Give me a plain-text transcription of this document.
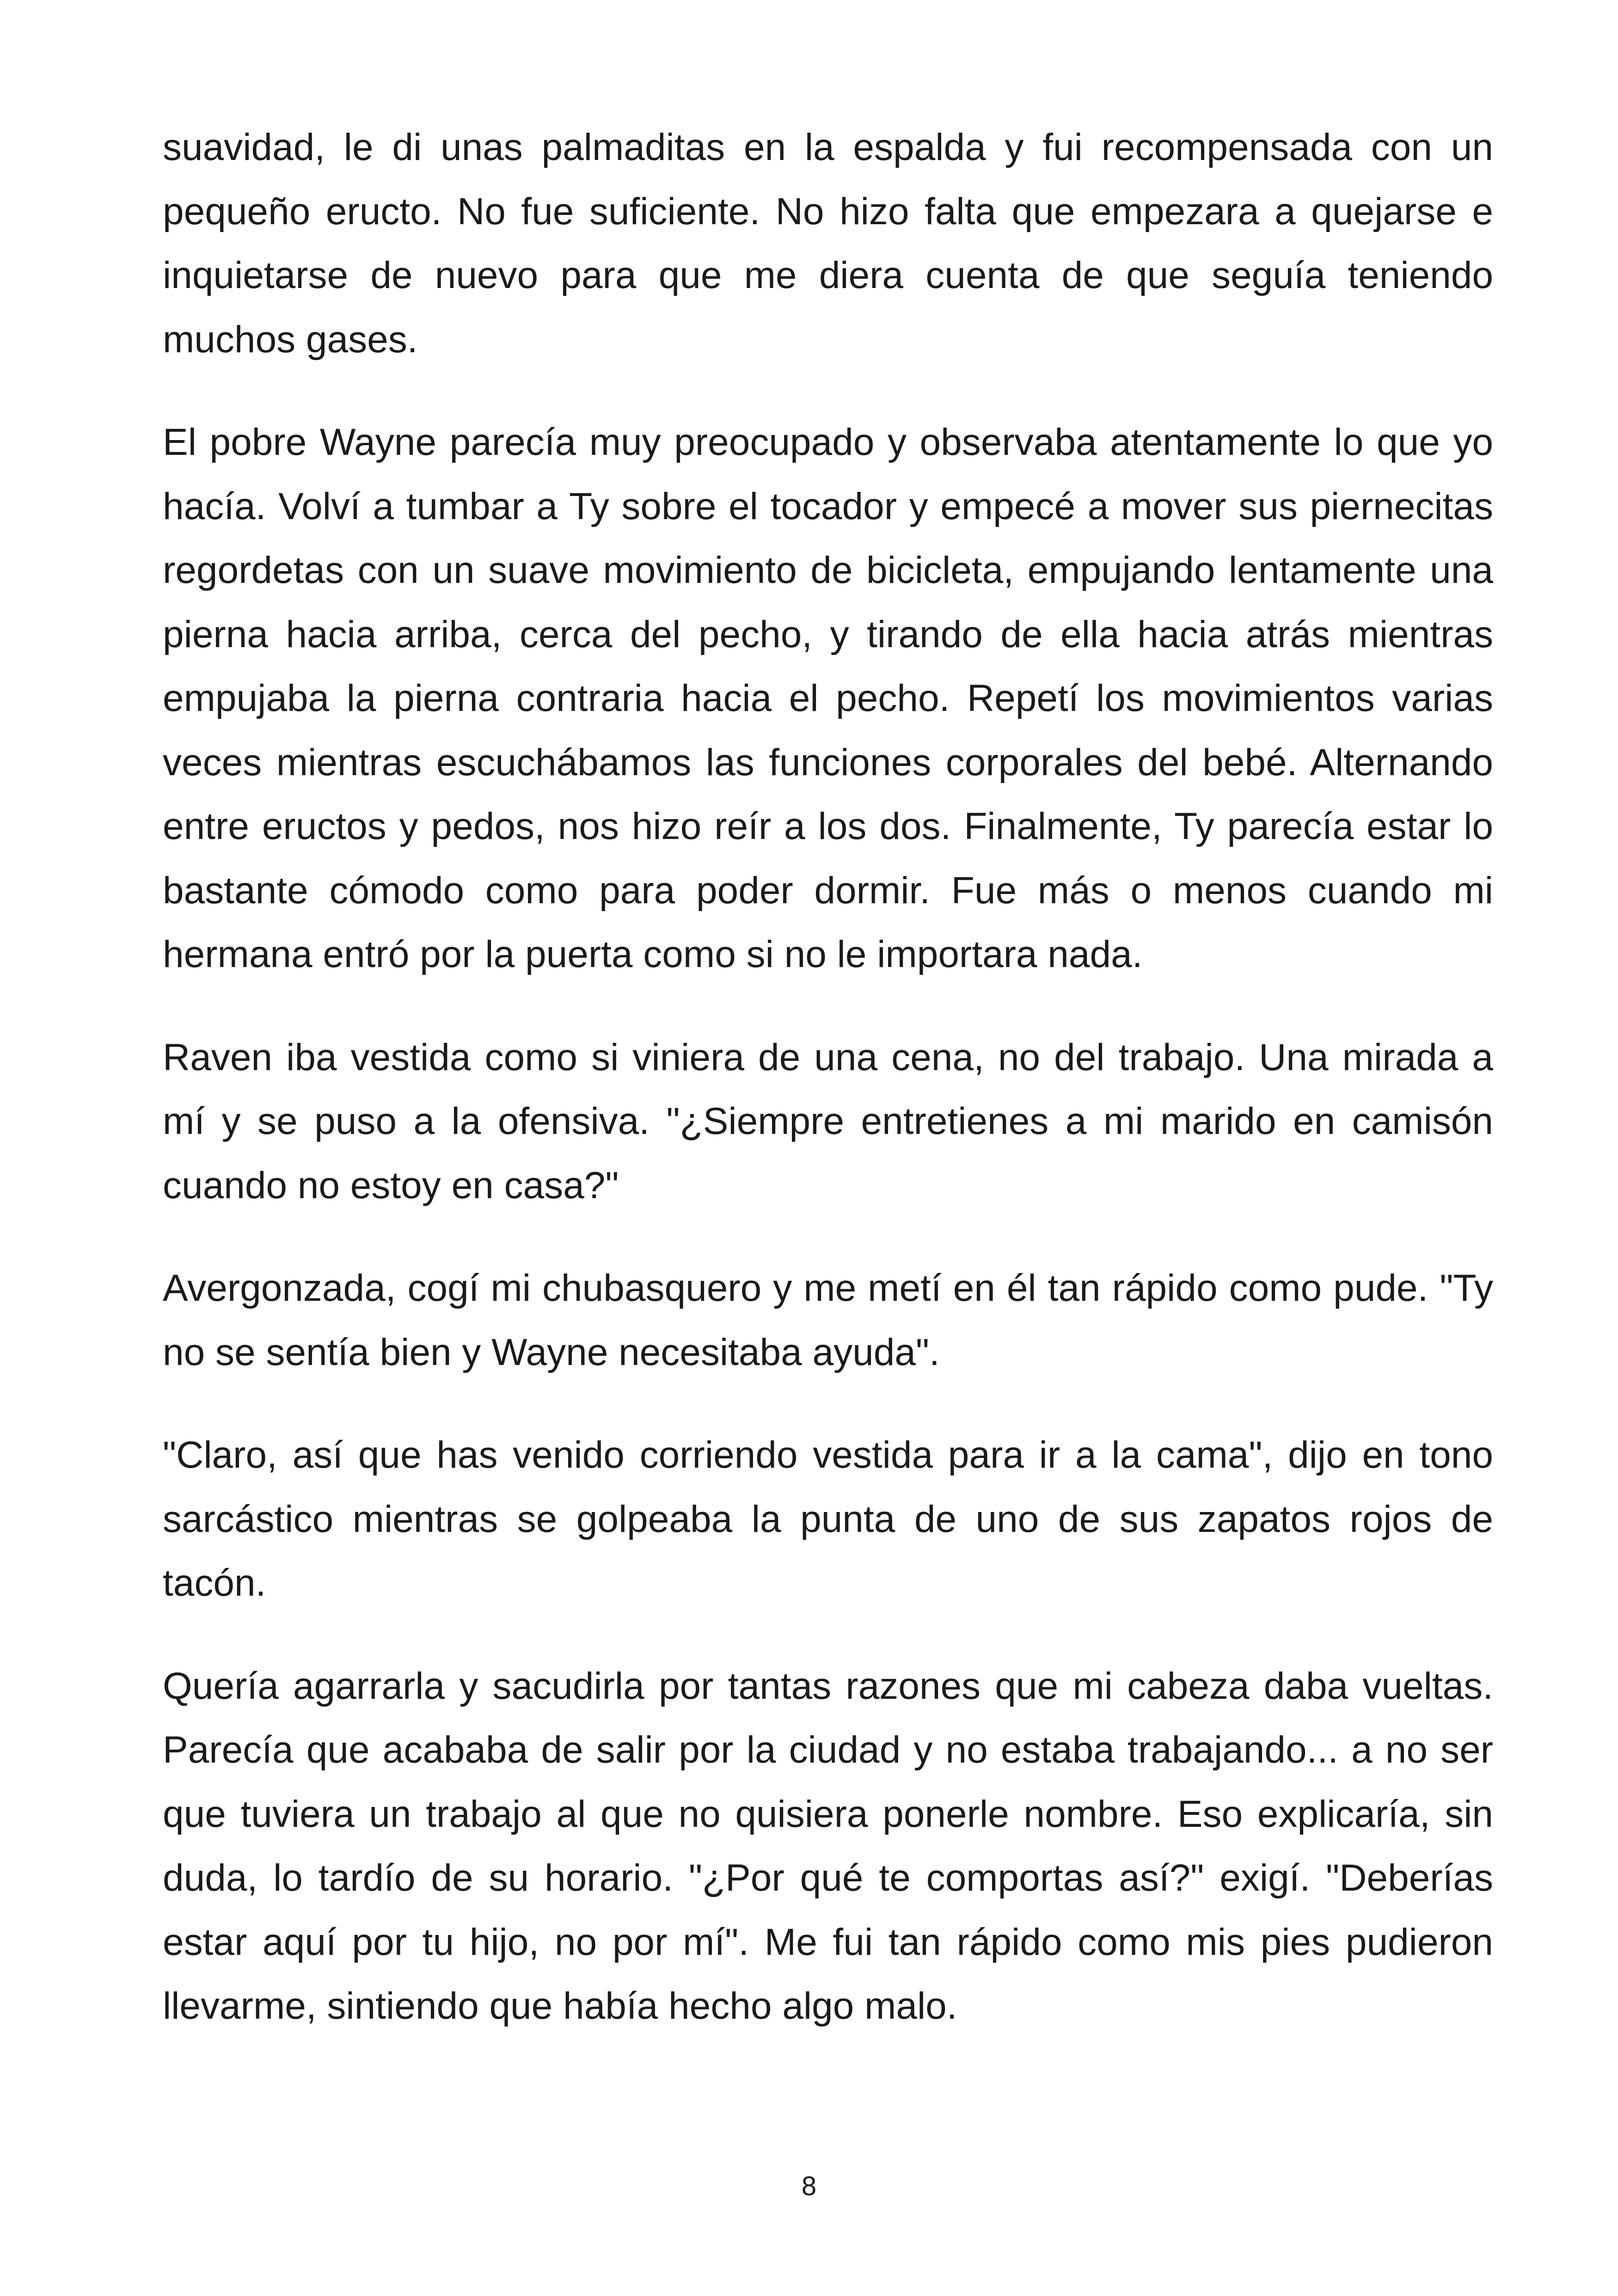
suavidad, le di unas palmaditas en la espalda y fui recompensada con un pequeño eructo. No fue suficiente. No hizo falta que empezara a quejarse e inquietarse de nuevo para que me diera cuenta de que seguía teniendo muchos gases.

El pobre Wayne parecía muy preocupado y observaba atentamente lo que yo hacía. Volví a tumbar a Ty sobre el tocador y empecé a mover sus piernecitas regordetas con un suave movimiento de bicicleta, empujando lentamente una pierna hacia arriba, cerca del pecho, y tirando de ella hacia atrás mientras empujaba la pierna contraria hacia el pecho. Repetí los movimientos varias veces mientras escuchábamos las funciones corporales del bebé. Alternando entre eructos y pedos, nos hizo reír a los dos. Finalmente, Ty parecía estar lo bastante cómodo como para poder dormir. Fue más o menos cuando mi hermana entró por la puerta como si no le importara nada.

Raven iba vestida como si viniera de una cena, no del trabajo. Una mirada a mí y se puso a la ofensiva. "¿Siempre entretienes a mi marido en camisón cuando no estoy en casa?"

Avergonzada, cogí mi chubasquero y me metí en él tan rápido como pude. "Ty no se sentía bien y Wayne necesitaba ayuda".

"Claro, así que has venido corriendo vestida para ir a la cama", dijo en tono sarcástico mientras se golpeaba la punta de uno de sus zapatos rojos de tacón.

Quería agarrarla y sacudirla por tantas razones que mi cabeza daba vueltas. Parecía que acababa de salir por la ciudad y no estaba trabajando... a no ser que tuviera un trabajo al que no quisiera ponerle nombre. Eso explicaría, sin duda, lo tardío de su horario. "¿Por qué te comportas así?" exigí. "Deberías estar aquí por tu hijo, no por mí". Me fui tan rápido como mis pies pudieron llevarme, sintiendo que había hecho algo malo.

8
